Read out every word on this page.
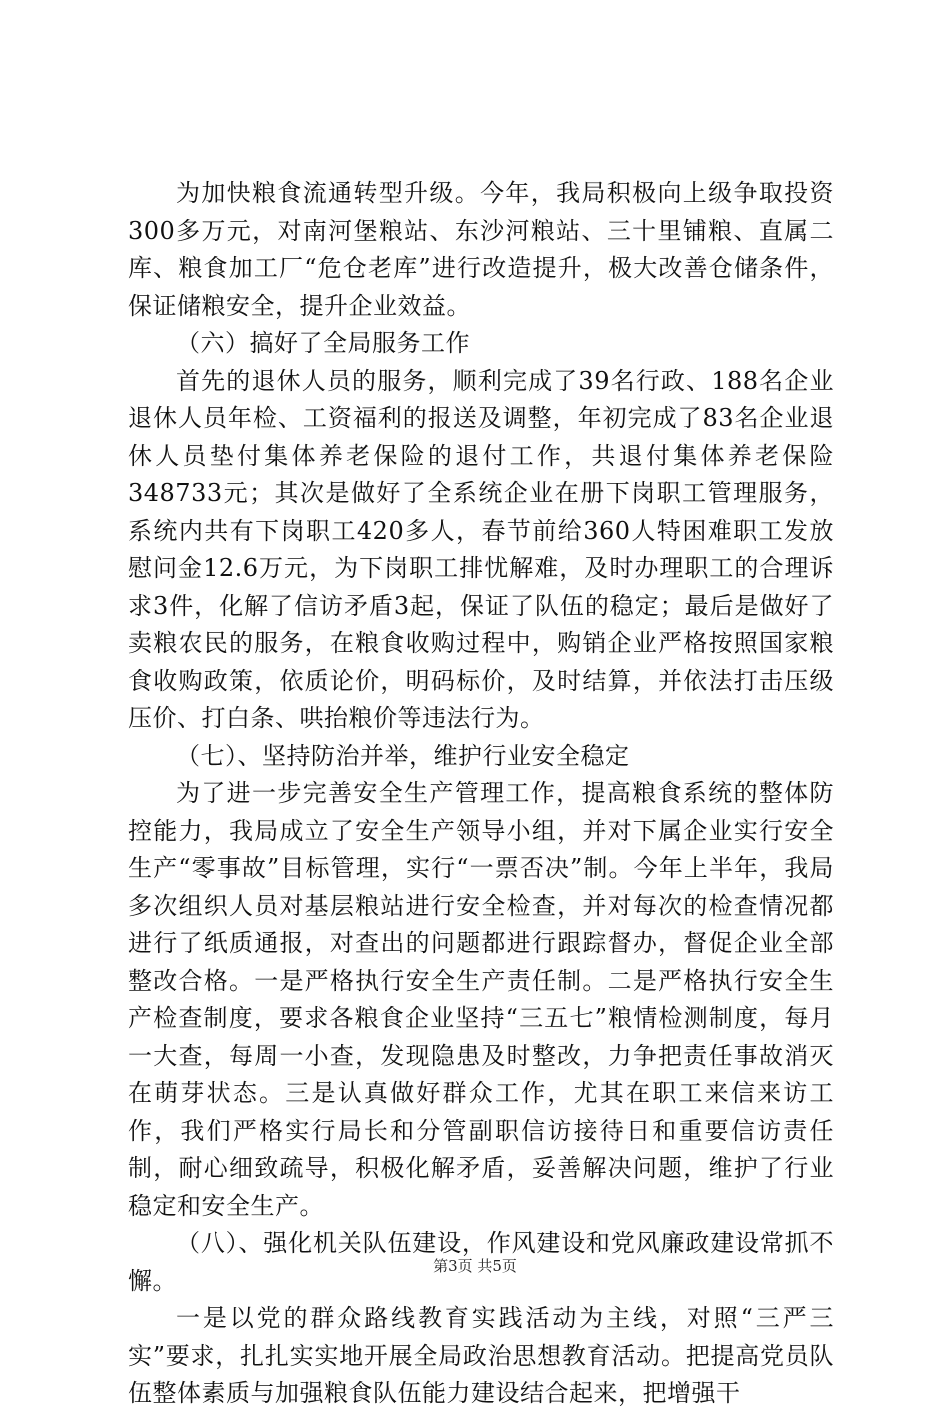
为加快粮食流通转型升级。今年，我局积极向上级争取投资300多万元，对南河堡粮站、东沙河粮站、三十里铺粮、直属二库、粮食加工厂“危仓老库”进行改造提升，极大改善仓储条件，保证储粮安全，提升企业效益。

（六）搞好了全局服务工作

首先的退休人员的服务，顺利完成了39名行政、188名企业退休人员年检、工资福利的报送及调整，年初完成了83名企业退休人员垫付集体养老保险的退付工作，共退付集体养老保险348733元；其次是做好了全系统企业在册下岗职工管理服务，系统内共有下岗职工420多人，春节前给360人特困难职工发放慰问金12.6万元，为下岗职工排忧解难，及时办理职工的合理诉求3件，化解了信访矛盾3起，保证了队伍的稳定；最后是做好了卖粮农民的服务，在粮食收购过程中，购销企业严格按照国家粮食收购政策，依质论价，明码标价，及时结算，并依法打击压级压价、打白条、哄抬粮价等违法行为。

（七）、坚持防治并举，维护行业安全稳定

为了进一步完善安全生产管理工作，提高粮食系统的整体防控能力，我局成立了安全生产领导小组，并对下属企业实行安全生产“零事故”目标管理，实行“一票否决”制。今年上半年，我局多次组织人员对基层粮站进行安全检查，并对每次的检查情况都进行了纸质通报，对查出的问题都进行跟踪督办，督促企业全部整改合格。一是严格执行安全生产责任制。二是严格执行安全生产检查制度，要求各粮食企业坚持“三五七”粮情检测制度，每月一大查，每周一小查，发现隐患及时整改，力争把责任事故消灭在萌芽状态。三是认真做好群众工作，尤其在职工来信来访工作，我们严格实行局长和分管副职信访接待日和重要信访责任制，耐心细致疏导，积极化解矛盾，妥善解决问题，维护了行业稳定和安全生产。

（八）、强化机关队伍建设，作风建设和党风廉政建设常抓不懈。

一是以党的群众路线教育实践活动为主线，对照“三严三实”要求，扎扎实实地开展全局政治思想教育活动。把提高党员队伍整体素质与加强粮食队伍能力建设结合起来，把增强干

第3页 共5页
